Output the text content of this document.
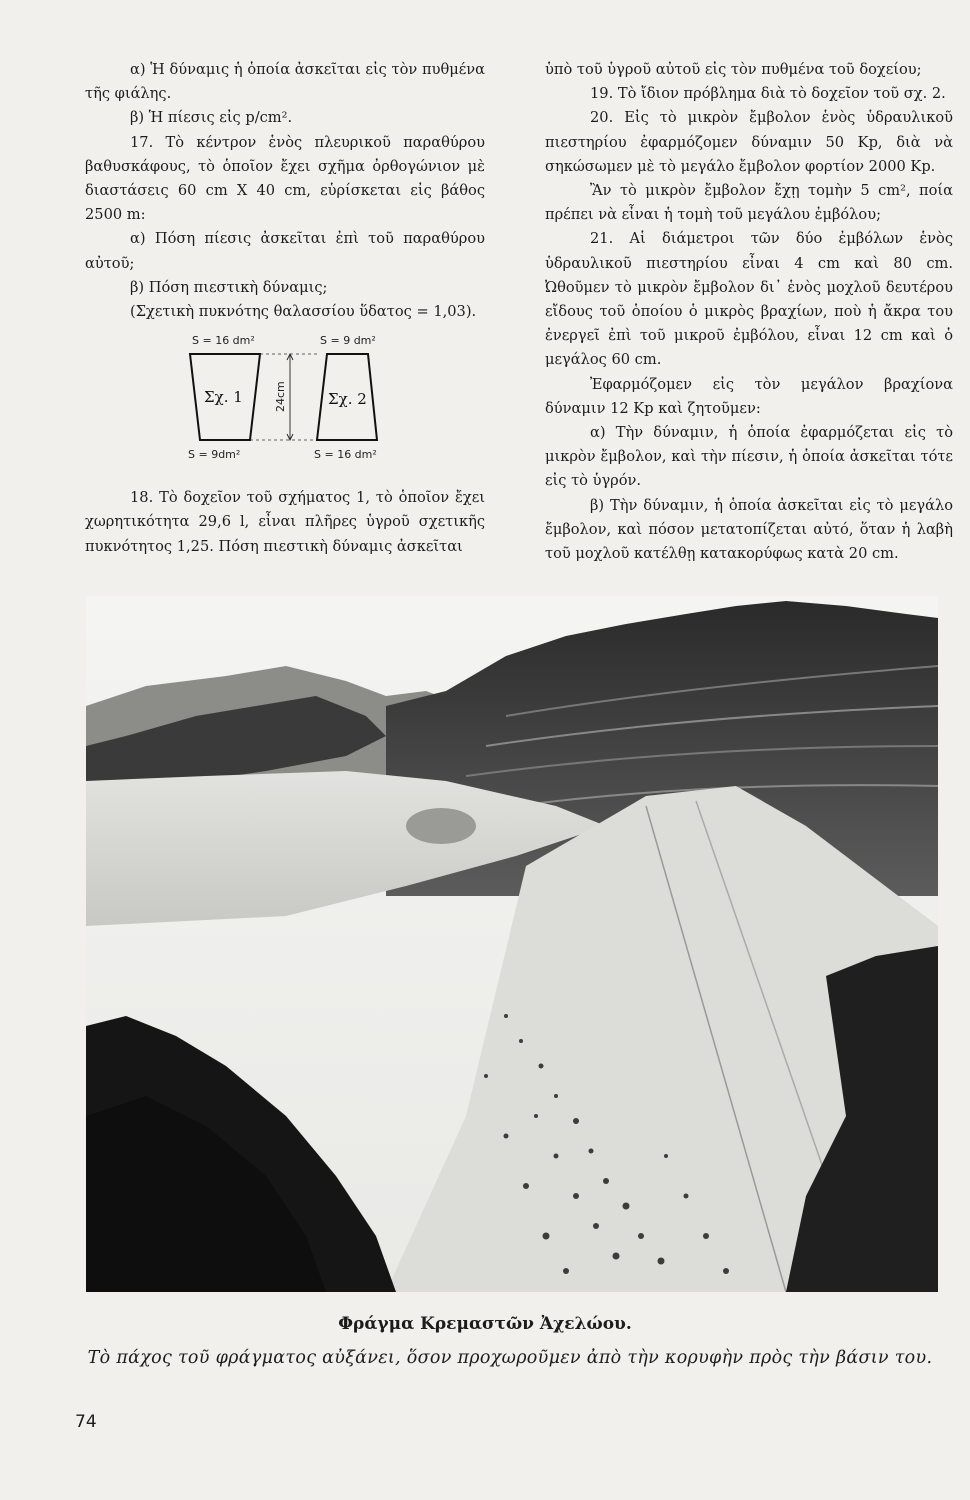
α) Ἡ δύναμις ἡ ὁποία ἀσκεῖται εἰς τὸν πυθμένα τῆς φιάλης.

β) Ἡ πίεσις εἰς p/cm².

17. Τὸ κέντρον ἑνὸς πλευρικοῦ παραθύρου βαθυσκάφους, τὸ ὁποῖον ἔχει σχῆμα ὀρθογώνιον μὲ διαστάσεις 60 cm X 40 cm, εὑρίσκεται εἰς βάθος 2500 m:

α) Πόση πίεσις ἀσκεῖται ἐπὶ τοῦ παραθύρου αὐτοῦ;

β) Πόση πιεστικὴ δύναμις;

(Σχετικὴ πυκνότης θαλασσίου ὕδατος = 1,03).

S = 16 dm²	S = 9 dm²
Σχ. 1	24cm	Σχ. 2
S = 9dm²	S = 16 dm²

18. Τὸ δοχεῖον τοῦ σχήματος 1, τὸ ὁποῖον ἔχει χωρητικότητα 29,6 l, εἶναι πλῆρες ὑγροῦ σχετικῆς πυκνότητος 1,25. Πόση πιεστικὴ δύναμις ἀσκεῖται

ὑπὸ τοῦ ὑγροῦ αὐτοῦ εἰς τὸν πυθμένα τοῦ δοχείου;

19. Τὸ ἴδιον πρόβλημα διὰ τὸ δοχεῖον τοῦ σχ. 2.

20. Εἰς τὸ μικρὸν ἔμβολον ἑνὸς ὑδραυλικοῦ πιεστηρίου ἐφαρμόζομεν δύναμιν 50 Kp, διὰ νὰ σηκώσωμεν μὲ τὸ μεγάλο ἔμβολον φορτίον 2000 Kp.

Ἂν τὸ μικρὸν ἔμβολον ἔχῃ τομὴν 5 cm², ποία πρέπει νὰ εἶναι ἡ τομὴ τοῦ μεγάλου ἐμβόλου;

21. Αἱ διάμετροι τῶν δύο ἐμβόλων ἑνὸς ὑδραυλικοῦ πιεστηρίου εἶναι 4 cm καὶ 80 cm. Ὠθοῦμεν τὸ μικρὸν ἔμβολον δι᾽ ἑνὸς μοχλοῦ δευτέρου εἴδους τοῦ ὁποίου ὁ μικρὸς βραχίων, ποὺ ἡ ἄκρα του ἐνεργεῖ ἐπὶ τοῦ μικροῦ ἐμβόλου, εἶναι 12 cm καὶ ὁ μεγάλος 60 cm.

Ἐφαρμόζομεν εἰς τὸν μεγάλον βραχίονα δύναμιν 12 Kp καὶ ζητοῦμεν:

α) Τὴν δύναμιν, ἡ ὁποία ἐφαρμόζεται εἰς τὸ μικρὸν ἔμβολον, καὶ τὴν πίεσιν, ἡ ὁποία ἀσκεῖται τότε εἰς τὸ ὑγρόν.

β) Τὴν δύναμιν, ἡ ὁποία ἀσκεῖται εἰς τὸ μεγάλο ἔμβολον, καὶ πόσον μετατοπίζεται αὐτό, ὅταν ἡ λαβὴ τοῦ μοχλοῦ κατέλθῃ κατακορύφως κατὰ 20 cm.

Φράγμα Κρεμαστῶν Ἀχελώου.
Τὸ πάχος τοῦ φράγματος αὐξάνει, ὅσον προχωροῦμεν ἀπὸ τὴν κορυφὴν πρὸς τὴν βάσιν του.
74
